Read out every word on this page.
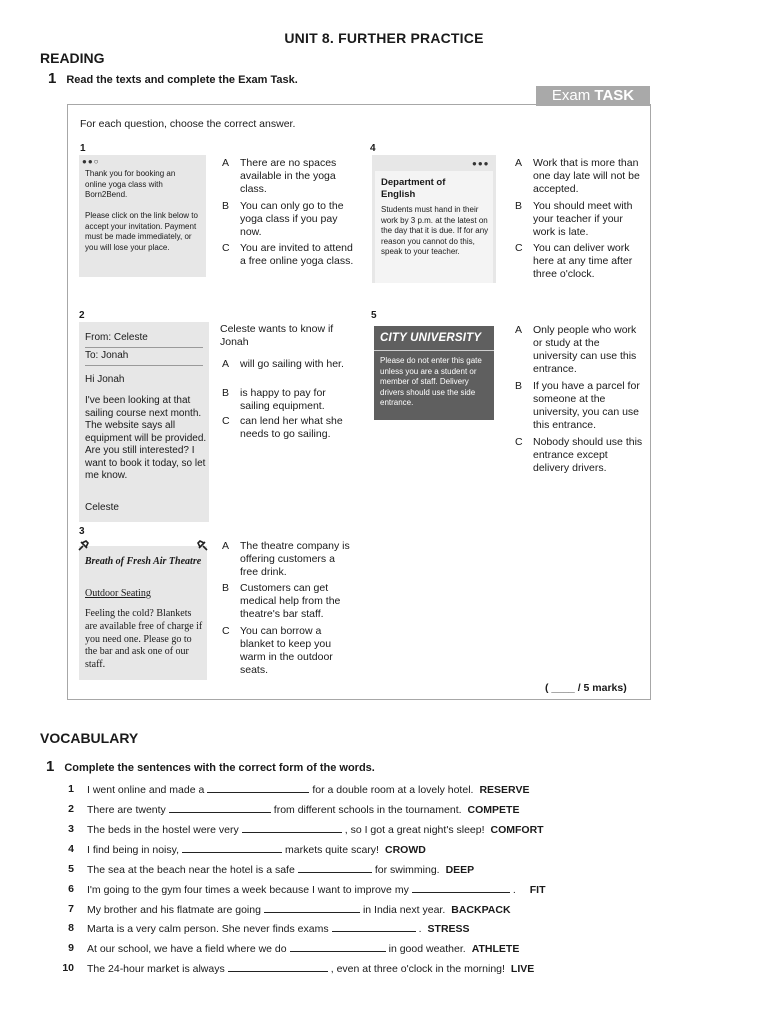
UNIT 8. FURTHER PRACTICE
READING
1 Read the texts and complete the Exam Task.
Exam TASK
For each question, choose the correct answer.
1
●●○
Thank you for booking an online yoga class with Born2Bend.
Please click on the link below to accept your invitation. Payment must be made immediately, or you will lose your place.
A There are no spaces available in the yoga class.
B You can only go to the yoga class if you pay now.
C You are invited to attend a free online yoga class.
4
●●●
Department of English
Students must hand in their work by 3 p.m. at the latest on the day that it is due. If for any reason you cannot do this, speak to your teacher.
A Work that is more than one day late will not be accepted.
B You should meet with your teacher if your work is late.
C You can deliver work here at any time after three o'clock.
2
From: Celeste
To: Jonah
Hi Jonah
I've been looking at that sailing course next month. The website says all equipment will be provided. Are you still interested? I want to book it today, so let me know.
Celeste
Celeste wants to know if Jonah
A will go sailing with her.
B is happy to pay for sailing equipment.
C can lend her what she needs to go sailing.
5
CITY UNIVERSITY
Please do not enter this gate unless you are a student or member of staff. Delivery drivers should use the side entrance.
A Only people who work or study at the university can use this entrance.
B If you have a parcel for someone at the university, you can use this entrance.
C Nobody should use this entrance except delivery drivers.
3
Breath of Fresh Air Theatre
Outdoor Seating
Feeling the cold? Blankets are available free of charge if you need one. Please go to the bar and ask one of our staff.
A The theatre company is offering customers a free drink.
B Customers can get medical help from the theatre's bar staff.
C You can borrow a blanket to keep you warm in the outdoor seats.
( ____ / 5 marks)
VOCABULARY
1 Complete the sentences with the correct form of the words.
1 I went online and made a	for a double room at a lovely hotel. RESERVE
2 There are twenty	from different schools in the tournament. COMPETE
3 The beds in the hostel were very	, so I got a great night's sleep! COMFORT
4 I find being in noisy,	markets quite scary! CROWD
5 The sea at the beach near the hotel is a safe	for swimming. DEEP
6 I'm going to the gym four times a week because I want to improve my	. FIT
7 My brother and his flatmate are going	in India next year. BACKPACK
8 Marta is a very calm person. She never finds exams	. STRESS
9 At our school, we have a field where we do	in good weather. ATHLETE
10 The 24-hour market is always	, even at three o'clock in the morning! LIVE
